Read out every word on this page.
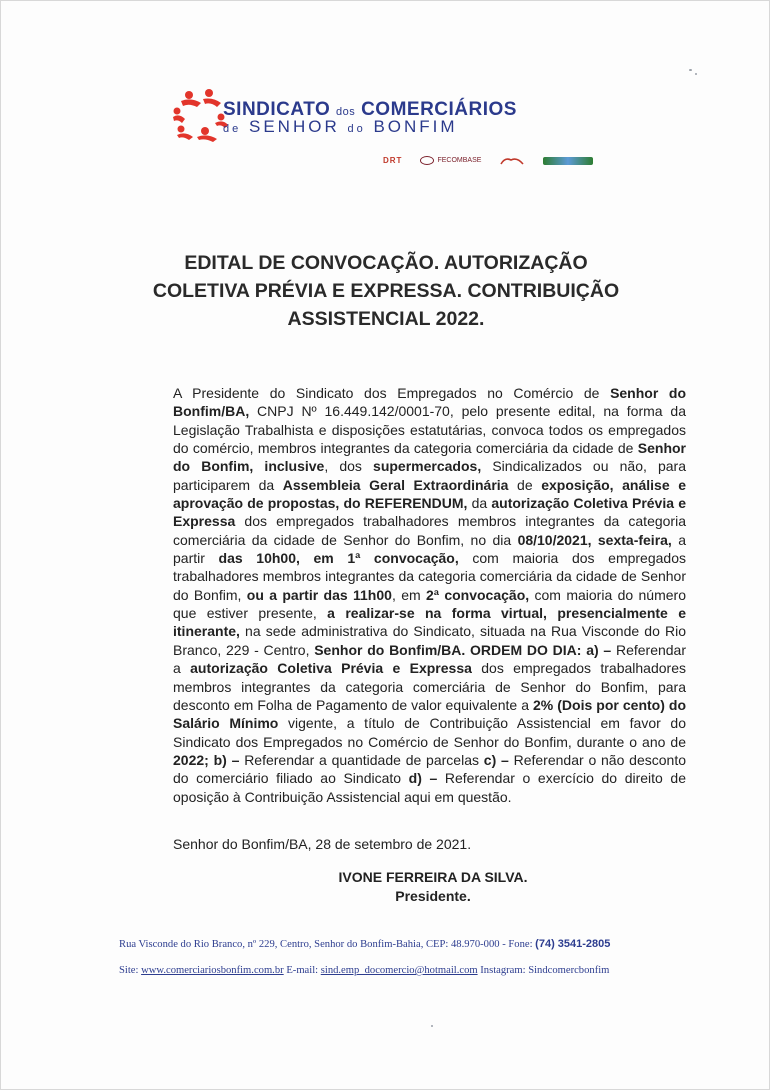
SINDICATO dos COMERCIÁRIOS
de SENHOR do BONFIM
DRT	FECOMBASE
EDITAL DE CONVOCAÇÃO. AUTORIZAÇÃO
COLETIVA PRÉVIA E EXPRESSA. CONTRIBUIÇÃO
ASSISTENCIAL 2022.
A Presidente do Sindicato dos Empregados no Comércio de Senhor do Bonfim/BA, CNPJ Nº 16.449.142/0001-70, pelo presente edital, na forma da Legislação Trabalhista e disposições estatutárias, convoca todos os empregados do comércio, membros integrantes da categoria comerciária da cidade de Senhor do Bonfim, inclusive, dos supermercados, Sindicalizados ou não, para participarem da Assembleia Geral Extraordinária de exposição, análise e aprovação de propostas, do REFERENDUM, da autorização Coletiva Prévia e Expressa dos empregados trabalhadores membros integrantes da categoria comerciária da cidade de Senhor do Bonfim, no dia 08/10/2021, sexta-feira, a partir das 10h00, em 1ª convocação, com maioria dos empregados trabalhadores membros integrantes da categoria comerciária da cidade de Senhor do Bonfim, ou a partir das 11h00, em 2ª convocação, com maioria do número que estiver presente, a realizar-se na forma virtual, presencialmente e itinerante, na sede administrativa do Sindicato, situada na Rua Visconde do Rio Branco, 229 - Centro, Senhor do Bonfim/BA. ORDEM DO DIA: a) – Referendar a autorização Coletiva Prévia e Expressa dos empregados trabalhadores membros integrantes da categoria comerciária de Senhor do Bonfim, para desconto em Folha de Pagamento de valor equivalente a 2% (Dois por cento) do Salário Mínimo vigente, a título de Contribuição Assistencial em favor do Sindicato dos Empregados no Comércio de Senhor do Bonfim, durante o ano de 2022; b) – Referendar a quantidade de parcelas c) – Referendar o não desconto do comerciário filiado ao Sindicato d) – Referendar o exercício do direito de oposição à Contribuição Assistencial aqui em questão.
Senhor do Bonfim/BA, 28 de setembro de 2021.
IVONE FERREIRA DA SILVA.
Presidente.
Rua Visconde do Rio Branco, nº 229, Centro, Senhor do Bonfim-Bahia, CEP: 48.970-000 - Fone: (74) 3541-2805
Site: www.comerciariosbonfim.com.br E-mail: sind.emp_docomercio@hotmail.com Instagram: Sindcomercbonfim
